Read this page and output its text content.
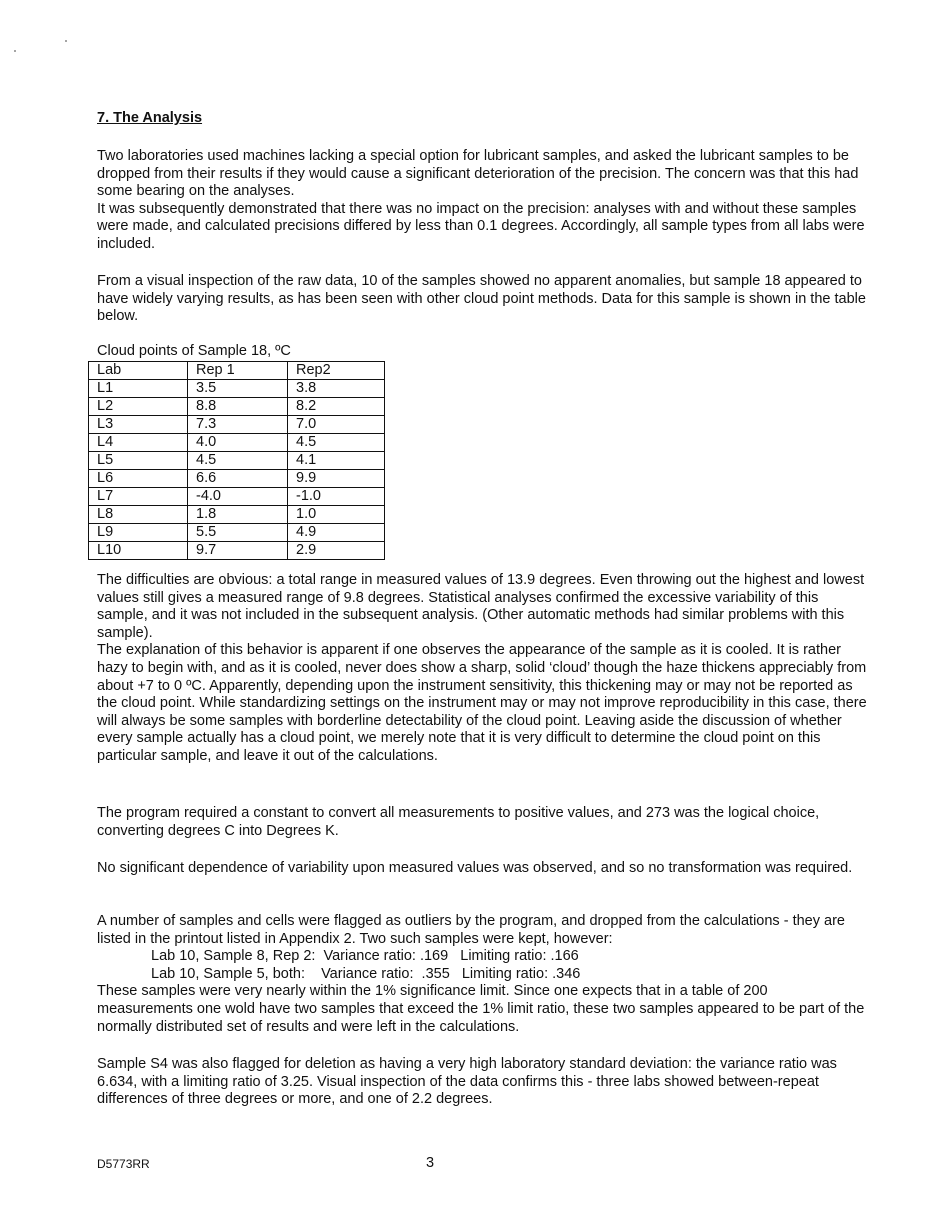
7. The Analysis

Two laboratories used machines lacking a special option for lubricant samples, and asked the lubricant samples to be dropped from their results if they would cause a significant deterioration of the precision. The concern was that this had some bearing on the analyses.

It was subsequently demonstrated that there was no impact on the precision: analyses with and without these samples were made, and calculated precisions differed by less than 0.1 degrees. Accordingly, all sample types from all labs were included.

From a visual inspection of the raw data, 10 of the samples showed no apparent anomalies, but sample 18 appeared to have widely varying results, as has been seen with other cloud point methods. Data for this sample is shown in the table below.

Cloud points of Sample 18, ºC
Lab	Rep 1	Rep2
L1	3.5	3.8
L2	8.8	8.2
L3	7.3	7.0
L4	4.0	4.5
L5	4.5	4.1
L6	6.6	9.9
L7	-4.0	-1.0
L8	1.8	1.0
L9	5.5	4.9
L10	9.7	2.9

The difficulties are obvious: a total range in measured values of 13.9 degrees. Even throwing out the highest and lowest values still gives a measured range of 9.8 degrees. Statistical analyses confirmed the excessive variability of this sample, and it was not included in the subsequent analysis. (Other automatic methods had similar problems with this sample).

The explanation of this behavior is apparent if one observes the appearance of the sample as it is cooled. It is rather hazy to begin with, and as it is cooled, never does show a sharp, solid ‘cloud’ though the haze thickens appreciably from about +7 to 0 ºC. Apparently, depending upon the instrument sensitivity, this thickening may or may not be reported as the cloud point. While standardizing settings on the instrument may or may not improve reproducibility in this case, there will always be some samples with borderline detectability of the cloud point. Leaving aside the discussion of whether every sample actually has a cloud point, we merely note that it is very difficult to determine the cloud point on this particular sample, and leave it out of the calculations.

The program required a constant to convert all measurements to positive values, and 273 was the logical choice, converting degrees C into Degrees K.

No significant dependence of variability upon measured values was observed, and so no transformation was required.

A number of samples and cells were flagged as outliers by the program, and dropped from the calculations - they are listed in the printout listed in Appendix 2. Two such samples were kept, however:

Lab 10, Sample 8, Rep 2:  Variance ratio: .169   Limiting ratio: .166

Lab 10, Sample 5, both:    Variance ratio:  .355   Limiting ratio: .346

These samples were very nearly within the 1% significance limit. Since one expects that in a table of 200 measurements one wold have two samples that exceed the 1% limit ratio, these two samples appeared to be part of the normally distributed set of results and were left in the calculations.

Sample S4 was also flagged for deletion as having a very high laboratory standard deviation: the variance ratio was 6.634, with a limiting ratio of 3.25. Visual inspection of the data confirms this - three labs showed between-repeat differences of three degrees or more, and one of 2.2 degrees.

D5773RR	3
